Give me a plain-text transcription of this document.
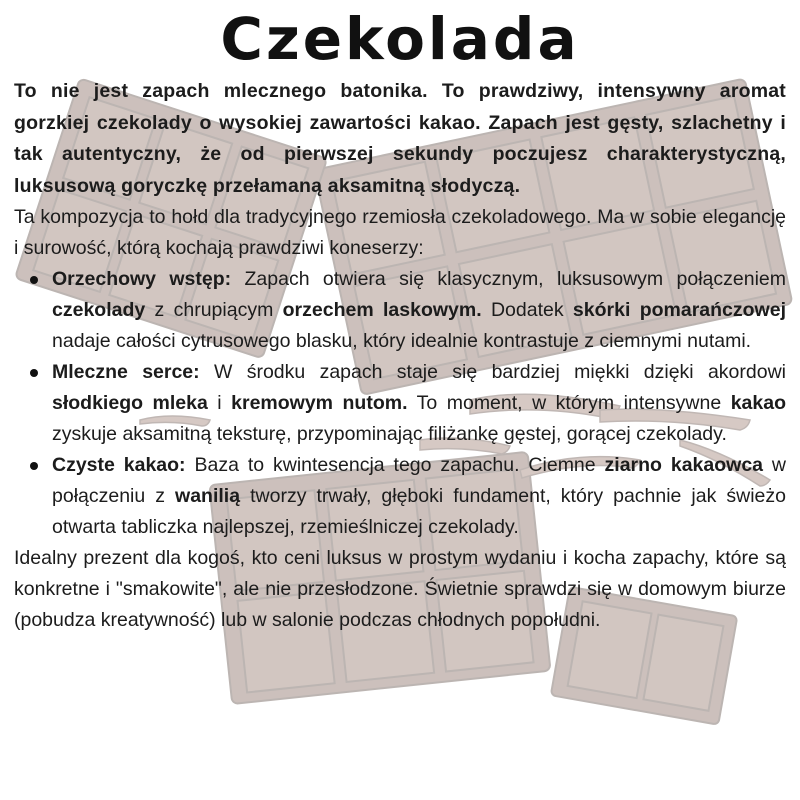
Czekolada

To nie jest zapach mlecznego batonika. To prawdziwy, intensywny aromat gorzkiej czekolady o wysokiej zawartości kakao. Zapach jest gęsty, szlachetny i tak autentyczny, że od pierwszej sekundy poczujesz charakterystyczną, luksusową goryczkę przełamaną aksamitną słodyczą.

Ta kompozycja to hołd dla tradycyjnego rzemiosła czekoladowego. Ma w sobie elegancję i surowość, którą kochają prawdziwi koneserzy:

Orzechowy wstęp: Zapach otwiera się klasycznym, luksusowym połączeniem czekolady z chrupiącym orzechem laskowym. Dodatek skórki pomarańczowej nadaje całości cytrusowego blasku, który idealnie kontrastuje z ciemnymi nutami.
Mleczne serce: W środku zapach staje się bardziej miękki dzięki akordowi słodkiego mleka i kremowym nutom. To moment, w którym intensywne kakao zyskuje aksamitną teksturę, przypominając filiżankę gęstej, gorącej czekolady.
Czyste kakao: Baza to kwintesencja tego zapachu. Ciemne ziarno kakaowca w połączeniu z wanilią tworzy trwały, głęboki fundament, który pachnie jak świeżo otwarta tabliczka najlepszej, rzemieślniczej czekolady.

Idealny prezent dla kogoś, kto ceni luksus w prostym wydaniu i kocha zapachy, które są konkretne i "smakowite", ale nie przesłodzone. Świetnie sprawdzi się w domowym biurze (pobudza kreatywność) lub w salonie podczas chłodnych popołudni.
